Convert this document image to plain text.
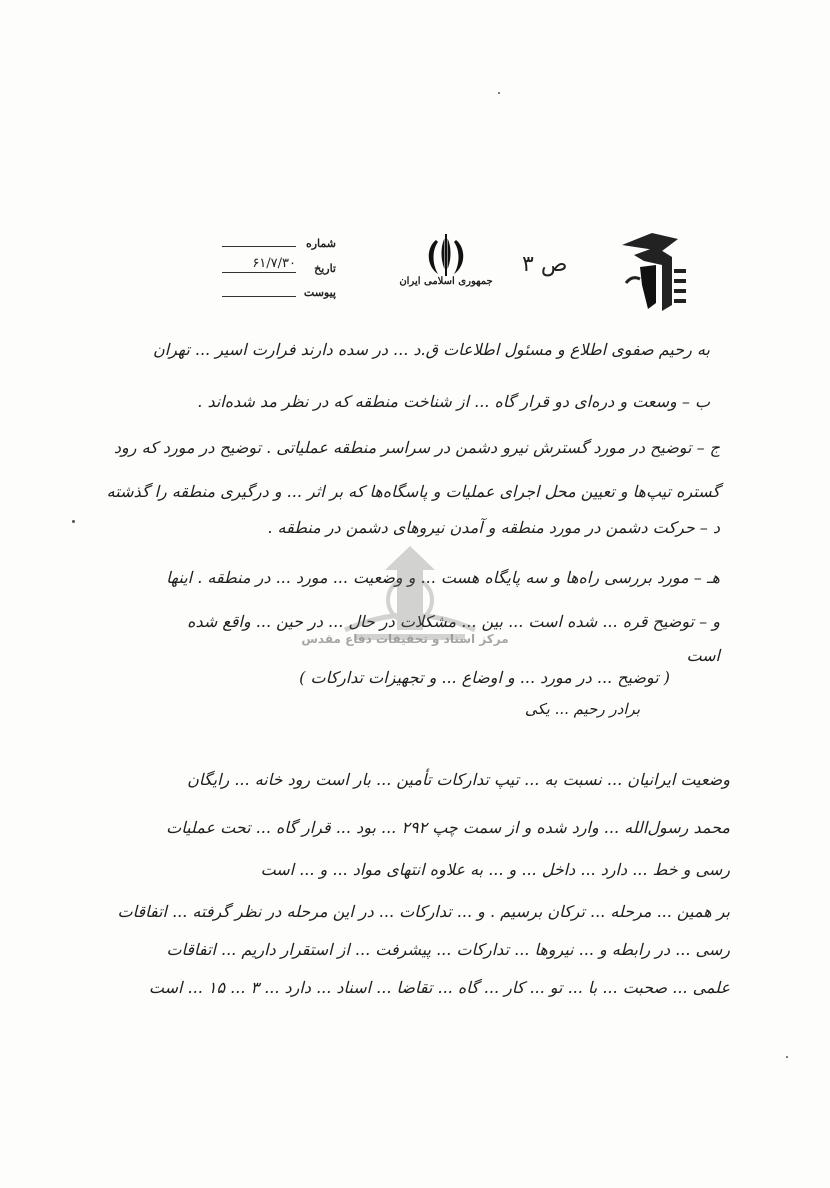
ص ۳
جمهوری اسلامی ایران
شماره
تاریخ
۶۱/۷/۳۰
پیوست
به رحیم صفوی اطلاع و مسئول اطلاعات ق.د ... در سده دارند فرارت اسیر ... تهران
ب – وسعت و دره‌ای دو قرار گاه ... از شناخت منطقه که در نظر مد شده‌اند .
ج – توضیح در مورد گسترش نیرو دشمن در سراسر منطقه عملیاتی . توضیح در مورد که رود
گستره تیپ‌ها و تعیین محل اجرای عملیات و پاسگاه‌ها که بر اثر ... و درگیری منطقه را گذشته
د – حرکت دشمن در مورد منطقه و آمدن نیروهای دشمن در منطقه .
هـ – مورد بررسی راه‌ها و سه پایگاه هست ... و وضعیت ... مورد ... در منطقه . اینها
و – توضیح قره‌ ... شده است ... بین ... مشکلات در حال ... در حین ... واقع شده
است
( توضیح ... در مورد ... و اوضاع ... و تجهیزات تدارکات )
برادر رحیم ... یکی
وضعیت ایرانیان ... نسبت به ... تیپ تدارکات تأمین ... بار است رود خانه ... رایگان
محمد رسول‌الله ... وارد شده و از سمت چپ ۲۹۲ ... بود ... قرار گاه ... تحت عملیات
رسی و خط ... دارد ... داخل ... و ... به علاوه انتهای مواد ... و ... است
بر همین ... مرحله ... ترکان برسیم . و ... تدارکات ... در این مرحله در نظر گرفته ... اتفاقات
رسی ... در رابطه و ... نیروها ... تدارکات ... پیشرفت ... از استقرار داریم ... اتفاقات
علمی ... صحبت ... با ... تو ... کار ... گاه ... تقاضا ... اسناد ... دارد ... ۳ ... ۱۵ ... است
مرکز اسناد و تحقیقات دفاع مقدس
